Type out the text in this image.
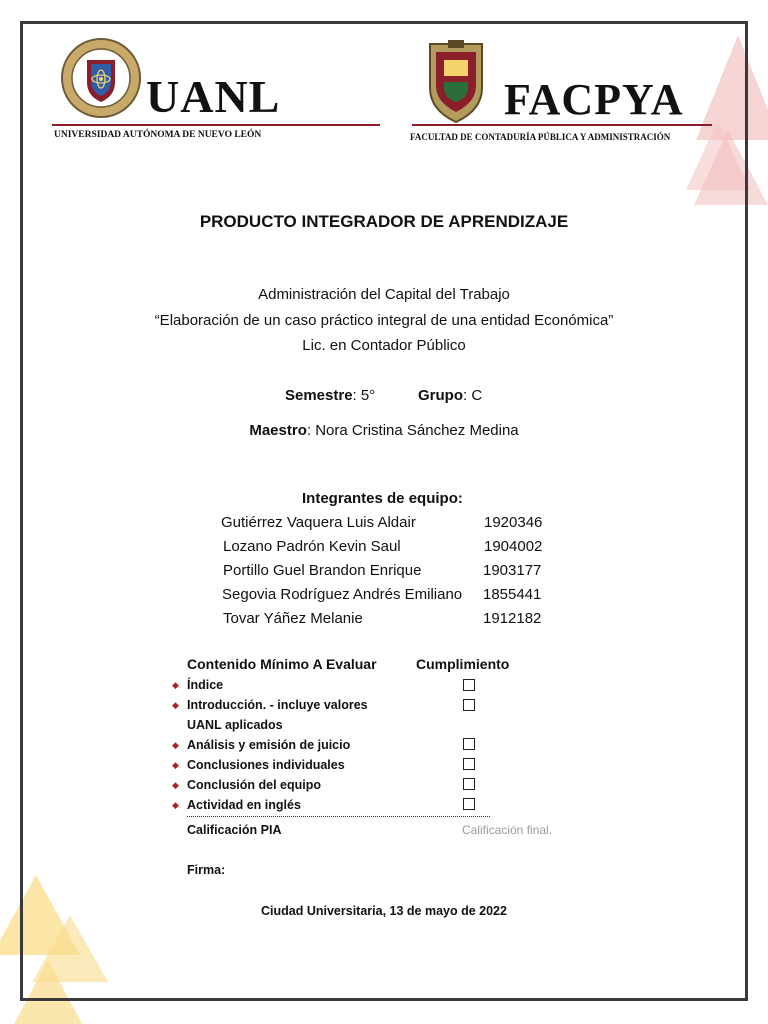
UANL
UNIVERSIDAD AUTÓNOMA DE NUEVO LEÓN
FACPYA
FACULTAD DE CONTADURÍA PÚBLICA Y ADMINISTRACIÓN
PRODUCTO INTEGRADOR DE APRENDIZAJE
Administración del Capital del Trabajo
“Elaboración de un caso práctico integral de una entidad Económica”
Lic. en Contador Público
Semestre: 5°	Grupo: C
Maestro: Nora Cristina Sánchez Medina
Integrantes de equipo:
Gutiérrez Vaquera Luis Aldair	1920346
Lozano Padrón Kevin Saul	1904002
Portillo Guel Brandon Enrique	1903177
Segovia Rodríguez Andrés Emiliano 1855441
Tovar Yáñez Melanie	1912182
Contenido Mínimo A Evaluar	Cumplimiento
◆ Índice
◆ Introducción. - incluye valores
UANL aplicados
◆ Análisis y emisión de juicio
◆ Conclusiones individuales
◆ Conclusión del equipo
◆ Actividad en inglés
Calificación PIA	Calificación final.
Firma:
Ciudad Universitaria, 13 de mayo de 2022
